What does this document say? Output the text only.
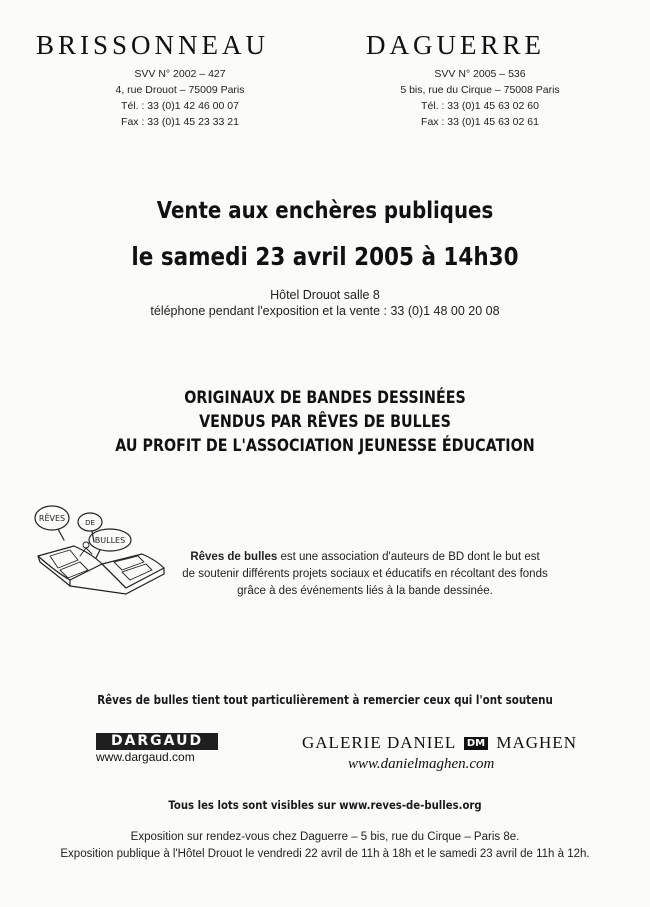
BRISSONNEAU	DAGUERRE
SVV N° 2002 – 427
4, rue Drouot – 75009 Paris
Tél. : 33 (0)1 42 46 00 07
Fax : 33 (0)1 45 23 33 21
SVV N° 2005 – 536
5 bis, rue du Cirque – 75008 Paris
Tél. : 33 (0)1 45 63 02 60
Fax : 33 (0)1 45 63 02 61
Vente aux enchères publiques
le samedi 23 avril 2005 à 14h30
Hôtel Drouot salle 8
téléphone pendant l'exposition et la vente : 33 (0)1 48 00 20 08
ORIGINAUX DE BANDES DESSINÉES
VENDUS PAR RÊVES DE BULLES
AU PROFIT DE L'ASSOCIATION JEUNESSE ÉDUCATION
RÊVES	DE
BULLES
Rêves de bulles est une association d'auteurs de BD dont le but est
de soutenir différents projets sociaux et éducatifs en récoltant des fonds
grâce à des événements liés à la bande dessinée.
Rêves de bulles tient tout particulièrement à remercier ceux qui l'ont soutenu
DARGAUD
www.dargaud.com
GALERIE DANIEL DM MAGHEN
www.danielmaghen.com
Tous les lots sont visibles sur www.reves-de-bulles.org
Exposition sur rendez-vous chez Daguerre – 5 bis, rue du Cirque – Paris 8e.
Exposition publique à l'Hôtel Drouot le vendredi 22 avril de 11h à 18h et le samedi 23 avril de 11h à 12h.
